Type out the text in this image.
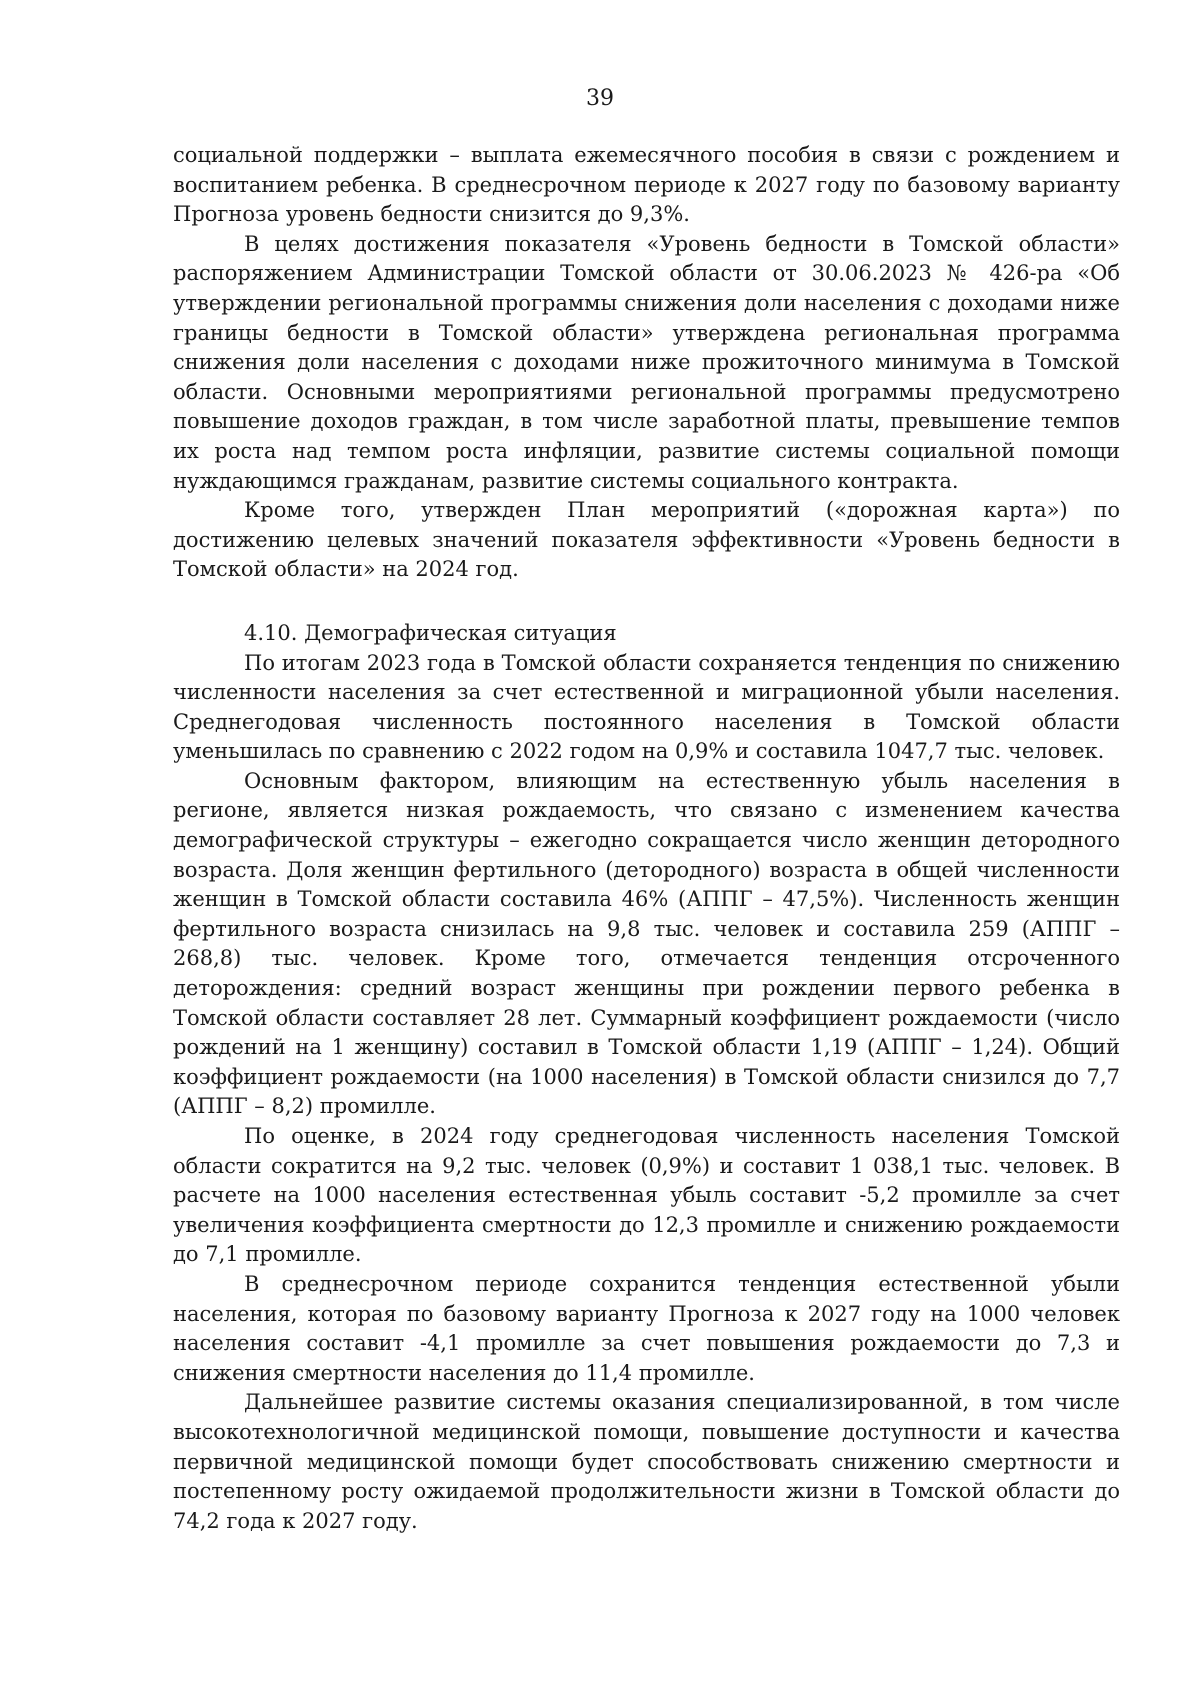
39

социальной поддержки – выплата ежемесячного пособия в связи с рождением и воспитанием ребенка. В среднесрочном периоде к 2027 году по базовому варианту Прогноза уровень бедности снизится до 9,3%.

В целях достижения показателя «Уровень бедности в Томской области» распоряжением Администрации Томской области от 30.06.2023 № 426-ра «Об утверждении региональной программы снижения доли населения с доходами ниже границы бедности в Томской области» утверждена региональная программа снижения доли населения с доходами ниже прожиточного минимума в Томской области. Основными мероприятиями региональной программы предусмотрено повышение доходов граждан, в том числе заработной платы, превышение темпов их роста над темпом роста инфляции, развитие системы социальной помощи нуждающимся гражданам, развитие системы социального контракта.

Кроме того, утвержден План мероприятий («дорожная карта») по достижению целевых значений показателя эффективности «Уровень бедности в Томской области» на 2024 год.

4.10. Демографическая ситуация

По итогам 2023 года в Томской области сохраняется тенденция по снижению численности населения за счет естественной и миграционной убыли населения. Среднегодовая численность постоянного населения в Томской области уменьшилась по сравнению с 2022 годом на 0,9% и составила 1047,7 тыс. человек.

Основным фактором, влияющим на естественную убыль населения в регионе, является низкая рождаемость, что связано с изменением качества демографической структуры – ежегодно сокращается число женщин детородного возраста. Доля женщин фертильного (детородного) возраста в общей численности женщин в Томской области составила 46% (АППГ – 47,5%). Численность женщин фертильного возраста снизилась на 9,8 тыс. человек и составила 259 (АППГ – 268,8) тыс. человек. Кроме того, отмечается тенденция отсроченного деторождения: средний возраст женщины при рождении первого ребенка в Томской области составляет 28 лет. Суммарный коэффициент рождаемости (число рождений на 1 женщину) составил в Томской области 1,19 (АППГ – 1,24). Общий коэффициент рождаемости (на 1000 населения) в Томской области снизился до 7,7 (АППГ – 8,2) промилле.

По оценке, в 2024 году среднегодовая численность населения Томской области сократится на 9,2 тыс. человек (0,9%) и составит 1 038,1 тыс. человек. В расчете на 1000 населения естественная убыль составит -5,2 промилле за счет увеличения коэффициента смертности до 12,3 промилле и снижению рождаемости до 7,1 промилле.

В среднесрочном периоде сохранится тенденция естественной убыли населения, которая по базовому варианту Прогноза к 2027 году на 1000 человек населения составит -4,1 промилле за счет повышения рождаемости до 7,3 и снижения смертности населения до 11,4 промилле.

Дальнейшее развитие системы оказания специализированной, в том числе высокотехнологичной медицинской помощи, повышение доступности и качества первичной медицинской помощи будет способствовать снижению смертности и постепенному росту ожидаемой продолжительности жизни в Томской области до 74,2 года к 2027 году.
